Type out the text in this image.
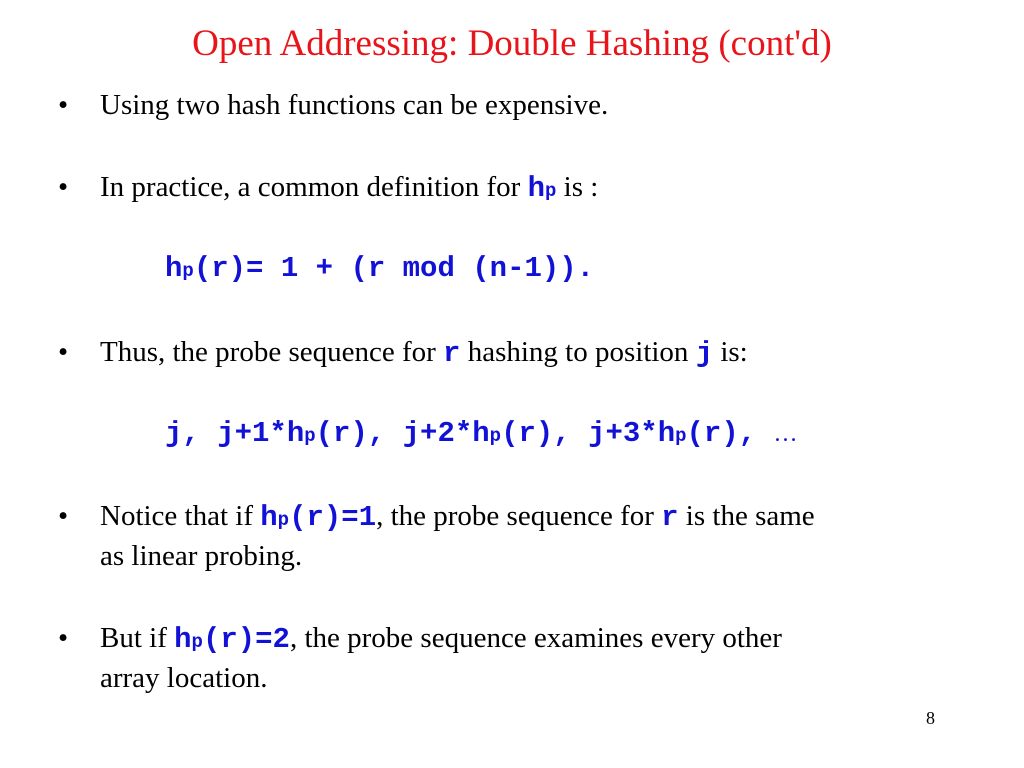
Open Addressing: Double Hashing (cont'd)
• Using two hash functions can be expensive.
• In practice, a common definition for hp is :
hp(r)= 1 + (r mod (n-1)).
• Thus, the probe sequence for r hashing to position j is:
j, j+1*hp(r), j+2*hp(r), j+3*hp(r), …
• Notice that if hp(r)=1, the probe sequence for r is the same
as linear probing.
• But if hp(r)=2, the probe sequence examines every other
array location.
8
